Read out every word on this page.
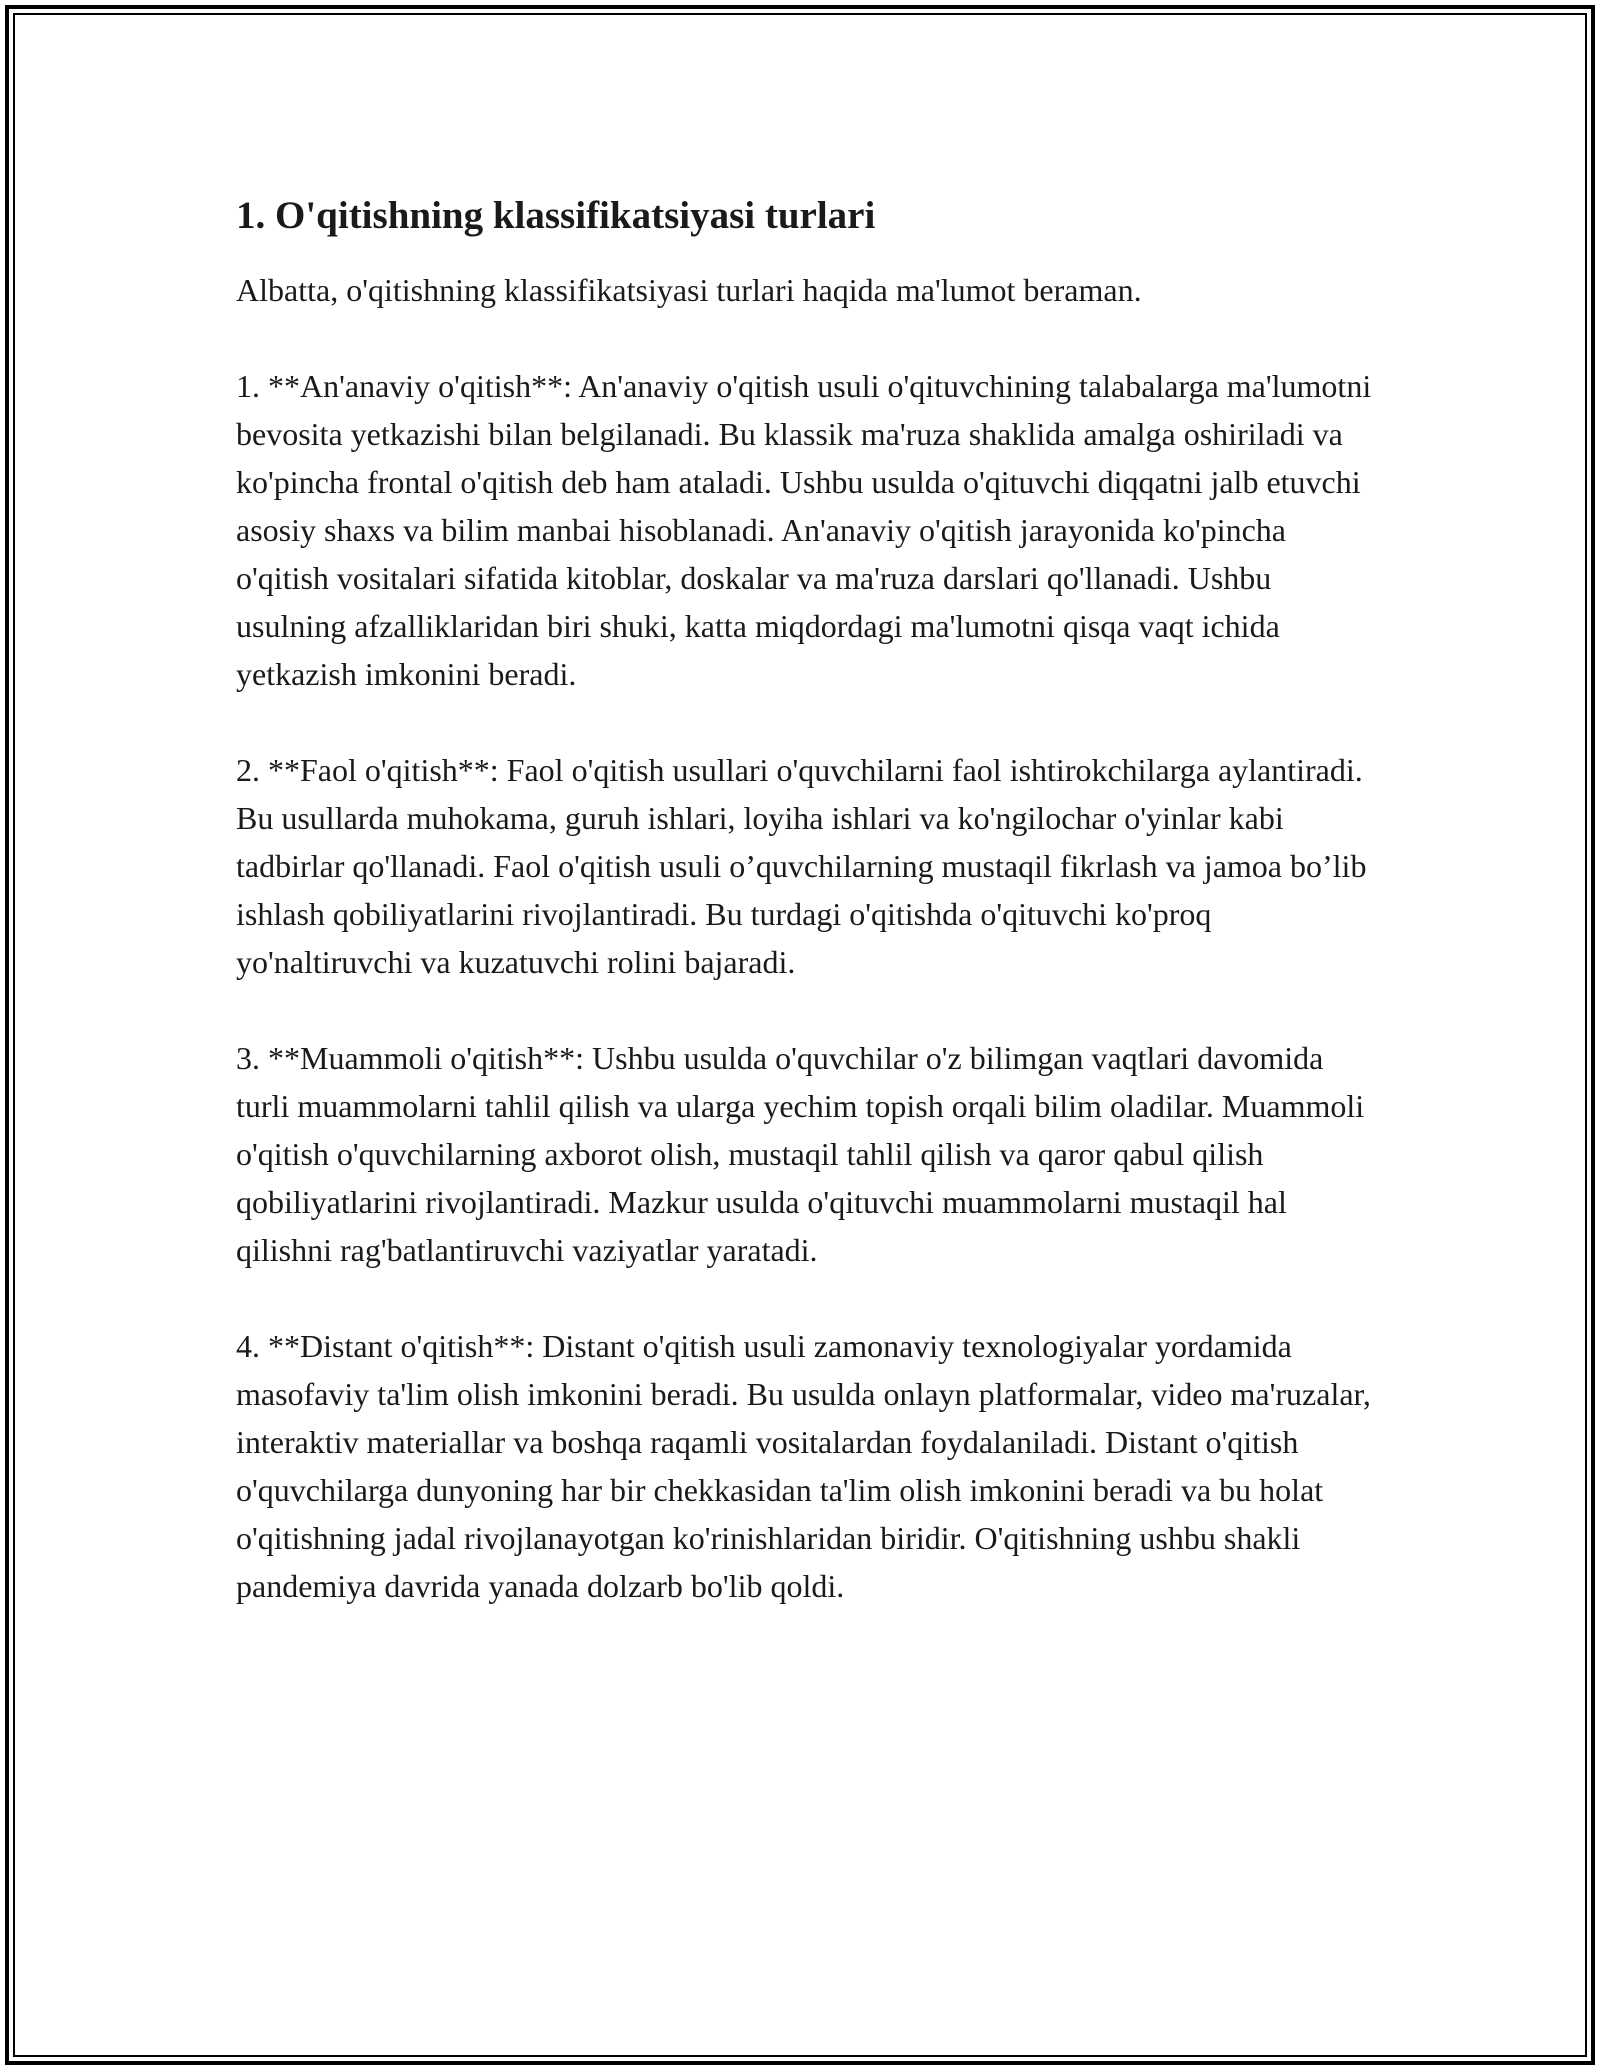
1. O'qitishning klassifikatsiyasi turlari

Albatta, o'qitishning klassifikatsiyasi turlari haqida ma'lumot beraman.

1. **An'anaviy o'qitish**: An'anaviy o'qitish usuli o'qituvchining talabalarga ma'lumotni bevosita yetkazishi bilan belgilanadi. Bu klassik ma'ruza shaklida amalga oshiriladi va ko'pincha frontal o'qitish deb ham ataladi. Ushbu usulda o'qituvchi diqqatni jalb etuvchi asosiy shaxs va bilim manbai hisoblanadi. An'anaviy o'qitish jarayonida ko'pincha o'qitish vositalari sifatida kitoblar, doskalar va ma'ruza darslari qo'llanadi. Ushbu usulning afzalliklaridan biri shuki, katta miqdordagi ma'lumotni qisqa vaqt ichida yetkazish imkonini beradi.

2. **Faol o'qitish**: Faol o'qitish usullari o'quvchilarni faol ishtirokchilarga aylantiradi. Bu usullarda muhokama, guruh ishlari, loyiha ishlari va ko'ngilochar o'yinlar kabi tadbirlar qo'llanadi. Faol o'qitish usuli o’quvchilarning mustaqil fikrlash va jamoa bo’lib ishlash qobiliyatlarini rivojlantiradi. Bu turdagi o'qitishda o'qituvchi ko'proq yo'naltiruvchi va kuzatuvchi rolini bajaradi.

3. **Muammoli o'qitish**: Ushbu usulda o'quvchilar o'z bilimgan vaqtlari davomida turli muammolarni tahlil qilish va ularga yechim topish orqali bilim oladilar. Muammoli o'qitish o'quvchilarning axborot olish, mustaqil tahlil qilish va qaror qabul qilish qobiliyatlarini rivojlantiradi. Mazkur usulda o'qituvchi muammolarni mustaqil hal qilishni rag'batlantiruvchi vaziyatlar yaratadi.

4. **Distant o'qitish**: Distant o'qitish usuli zamonaviy texnologiyalar yordamida masofaviy ta'lim olish imkonini beradi. Bu usulda onlayn platformalar, video ma'ruzalar, interaktiv materiallar va boshqa raqamli vositalardan foydalaniladi. Distant o'qitish o'quvchilarga dunyoning har bir chekkasidan ta'lim olish imkonini beradi va bu holat o'qitishning jadal rivojlanayotgan ko'rinishlaridan biridir. O'qitishning ushbu shakli pandemiya davrida yanada dolzarb bo'lib qoldi.
